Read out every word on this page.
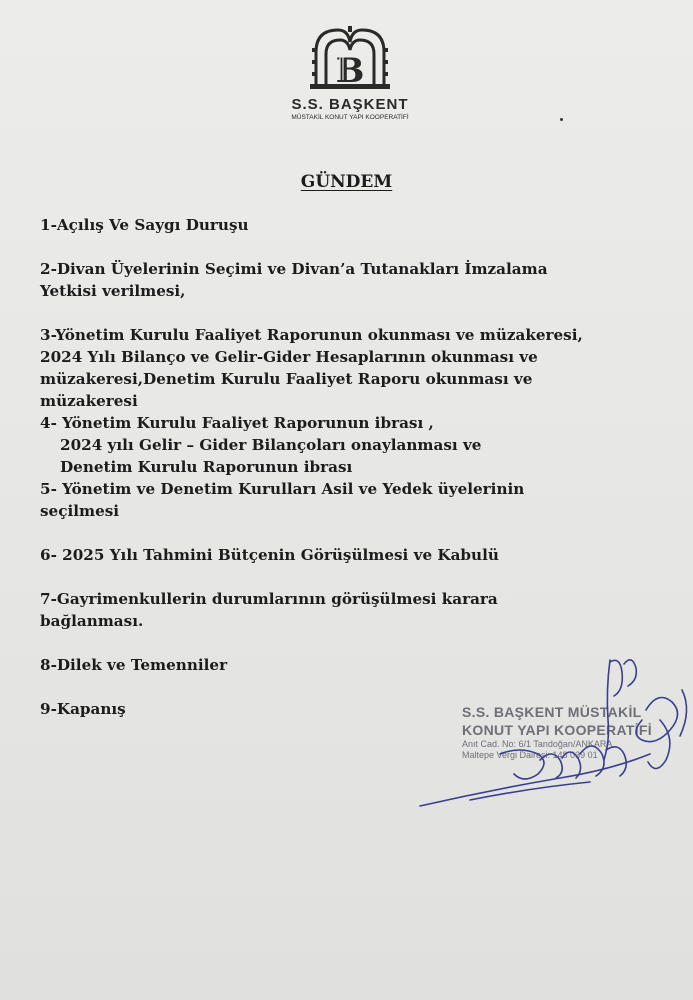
B
S.S. BAŞKENT
MÜSTAKİL KONUT YAPI KOOPERATİFİ
GÜNDEM
1-Açılış Ve Saygı Duruşu
2-Divan Üyelerinin Seçimi ve Divan’a Tutanakları İmzalama
Yetkisi verilmesi,
3-Yönetim Kurulu Faaliyet Raporunun okunması ve müzakeresi,
2024 Yılı Bilanço ve Gelir-Gider Hesaplarının okunması ve
müzakeresi,Denetim Kurulu Faaliyet Raporu okunması ve
müzakeresi
4- Yönetim Kurulu Faaliyet Raporunun ibrası ,
2024 yılı Gelir – Gider Bilançoları onaylanması ve
Denetim Kurulu Raporunun ibrası
5- Yönetim ve Denetim Kurulları Asil ve Yedek üyelerinin
seçilmesi
6- 2025 Yılı Tahmini Bütçenin Görüşülmesi ve Kabulü
7-Gayrimenkullerin durumlarının görüşülmesi karara
bağlanması.
8-Dilek ve Temenniler
9-Kapanış	S.S. BAŞKENT MÜSTAKİL
KONUT YAPI KOOPERATİFİ
Anıt Cad. No: 6/1 Tandoğan/ANKARA
Maltepe Vergi Dairesi: 148 039 01
